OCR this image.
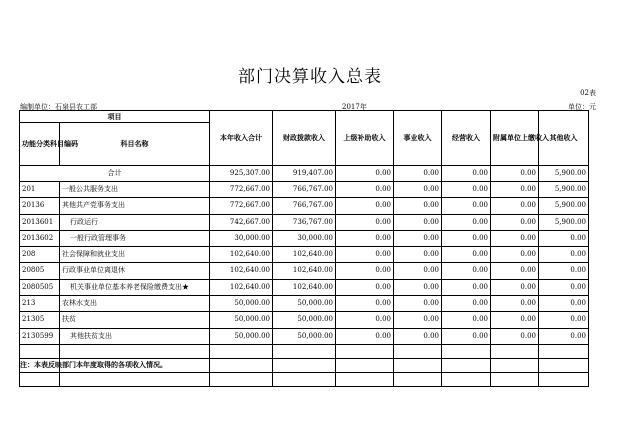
部门决算收入总表
02表
编制单位：石泉县农工部	2017年	单位：元
项目		本年收入合计	财政拨款收入	上级补助收入	事业收入	经营收入	附属单位上缴收入	其他收入
功能分类科目编码	科目名称							
合计		925,307.00	919,407.00	0.00	0.00	0.00	0.00	5,900.00
201	一般公共服务支出	772,667.00	766,767.00	0.00	0.00	0.00	0.00	5,900.00
20136	其他共产党事务支出	772,667.00	766,767.00	0.00	0.00	0.00	0.00	5,900.00
2013601	行政运行	742,667.00	736,767.00	0.00	0.00	0.00	0.00	5,900.00
2013602	一般行政管理事务	30,000.00	30,000.00	0.00	0.00	0.00	0.00	0.00
208	社会保障和就业支出	102,640.00	102,640.00	0.00	0.00	0.00	0.00	0.00
20805	行政事业单位离退休	102,640.00	102,640.00	0.00	0.00	0.00	0.00	0.00
2080505	机关事业单位基本养老保险缴费支出★	102,640.00	102,640.00	0.00	0.00	0.00	0.00	0.00
213	农林水支出	50,000.00	50,000.00	0.00	0.00	0.00	0.00	0.00
21305	扶贫	50,000.00	50,000.00	0.00	0.00	0.00	0.00	0.00
2130599	其他扶贫支出	50,000.00	50,000.00	0.00	0.00	0.00	0.00	0.00

注：本表反映部门本年度取得的各项收入情况。
